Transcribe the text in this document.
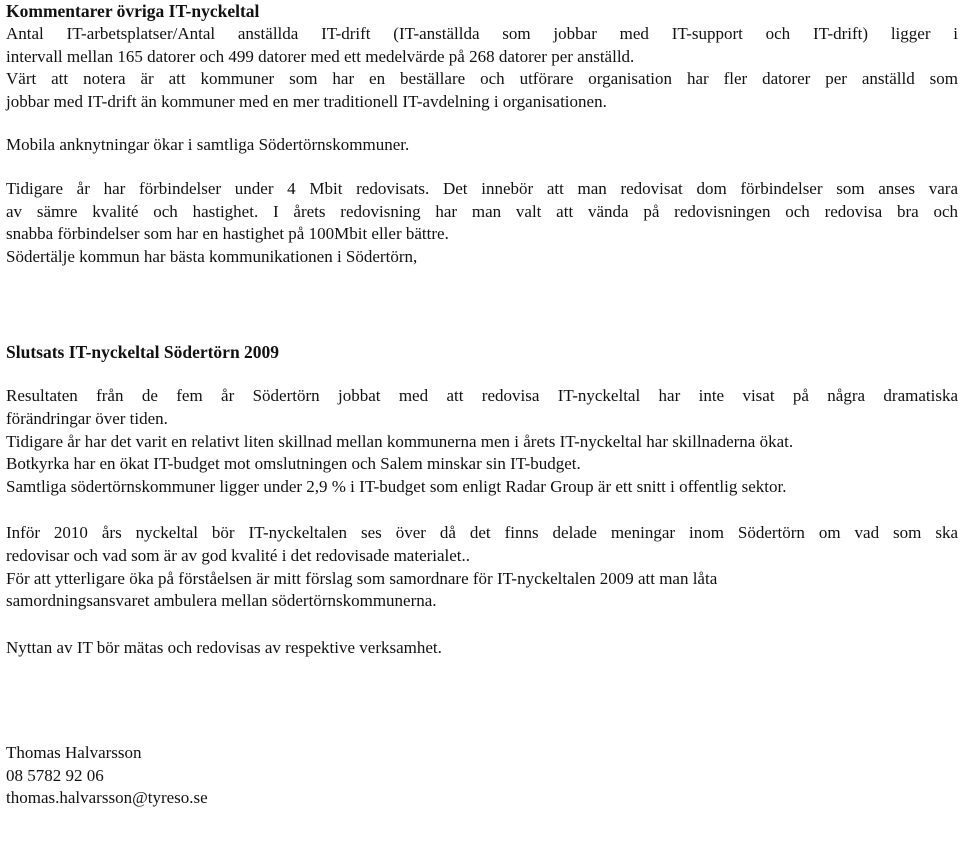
Kommentarer övriga IT-nyckeltal

Antal IT-arbetsplatser/Antal anställda IT-drift (IT-anställda som jobbar med IT-support och IT-drift) ligger i
intervall mellan 165 datorer och 499 datorer med ett medelvärde på 268 datorer per anställd.
Värt att notera är att kommuner som har en beställare och utförare organisation har fler datorer per anställd som
jobbar med IT-drift än kommuner med en mer traditionell IT-avdelning i organisationen.

Mobila anknytningar ökar i samtliga Södertörnskommuner.

Tidigare år har förbindelser under 4 Mbit redovisats. Det innebör att man redovisat dom förbindelser som anses vara
av sämre kvalité och hastighet. I årets redovisning har man valt att vända på redovisningen och redovisa bra och
snabba förbindelser som har en hastighet på 100Mbit eller bättre.
Södertälje kommun har bästa kommunikationen i Södertörn,

Slutsats IT-nyckeltal Södertörn 2009

Resultaten från de fem år Södertörn jobbat med att redovisa IT-nyckeltal har inte visat på några dramatiska
förändringar över tiden.
Tidigare år har det varit en relativt liten skillnad mellan kommunerna men i årets IT-nyckeltal har skillnaderna ökat.
Botkyrka har en ökat IT-budget mot omslutningen och Salem minskar sin IT-budget.
Samtliga södertörnskommuner ligger under 2,9 % i IT-budget som enligt Radar Group är ett snitt i offentlig sektor.

Inför 2010 års nyckeltal bör IT-nyckeltalen ses över då det finns delade meningar inom Södertörn om vad som ska
redovisar och vad som är av god kvalité i det redovisade materialet..
För att ytterligare öka på förståelsen är mitt förslag som samordnare för IT-nyckeltalen 2009 att man låta
samordningsansvaret ambulera mellan södertörnskommunerna.

Nyttan av IT bör mätas och redovisas av respektive verksamhet.

Thomas Halvarsson
08 5782 92 06
thomas.halvarsson@tyreso.se
